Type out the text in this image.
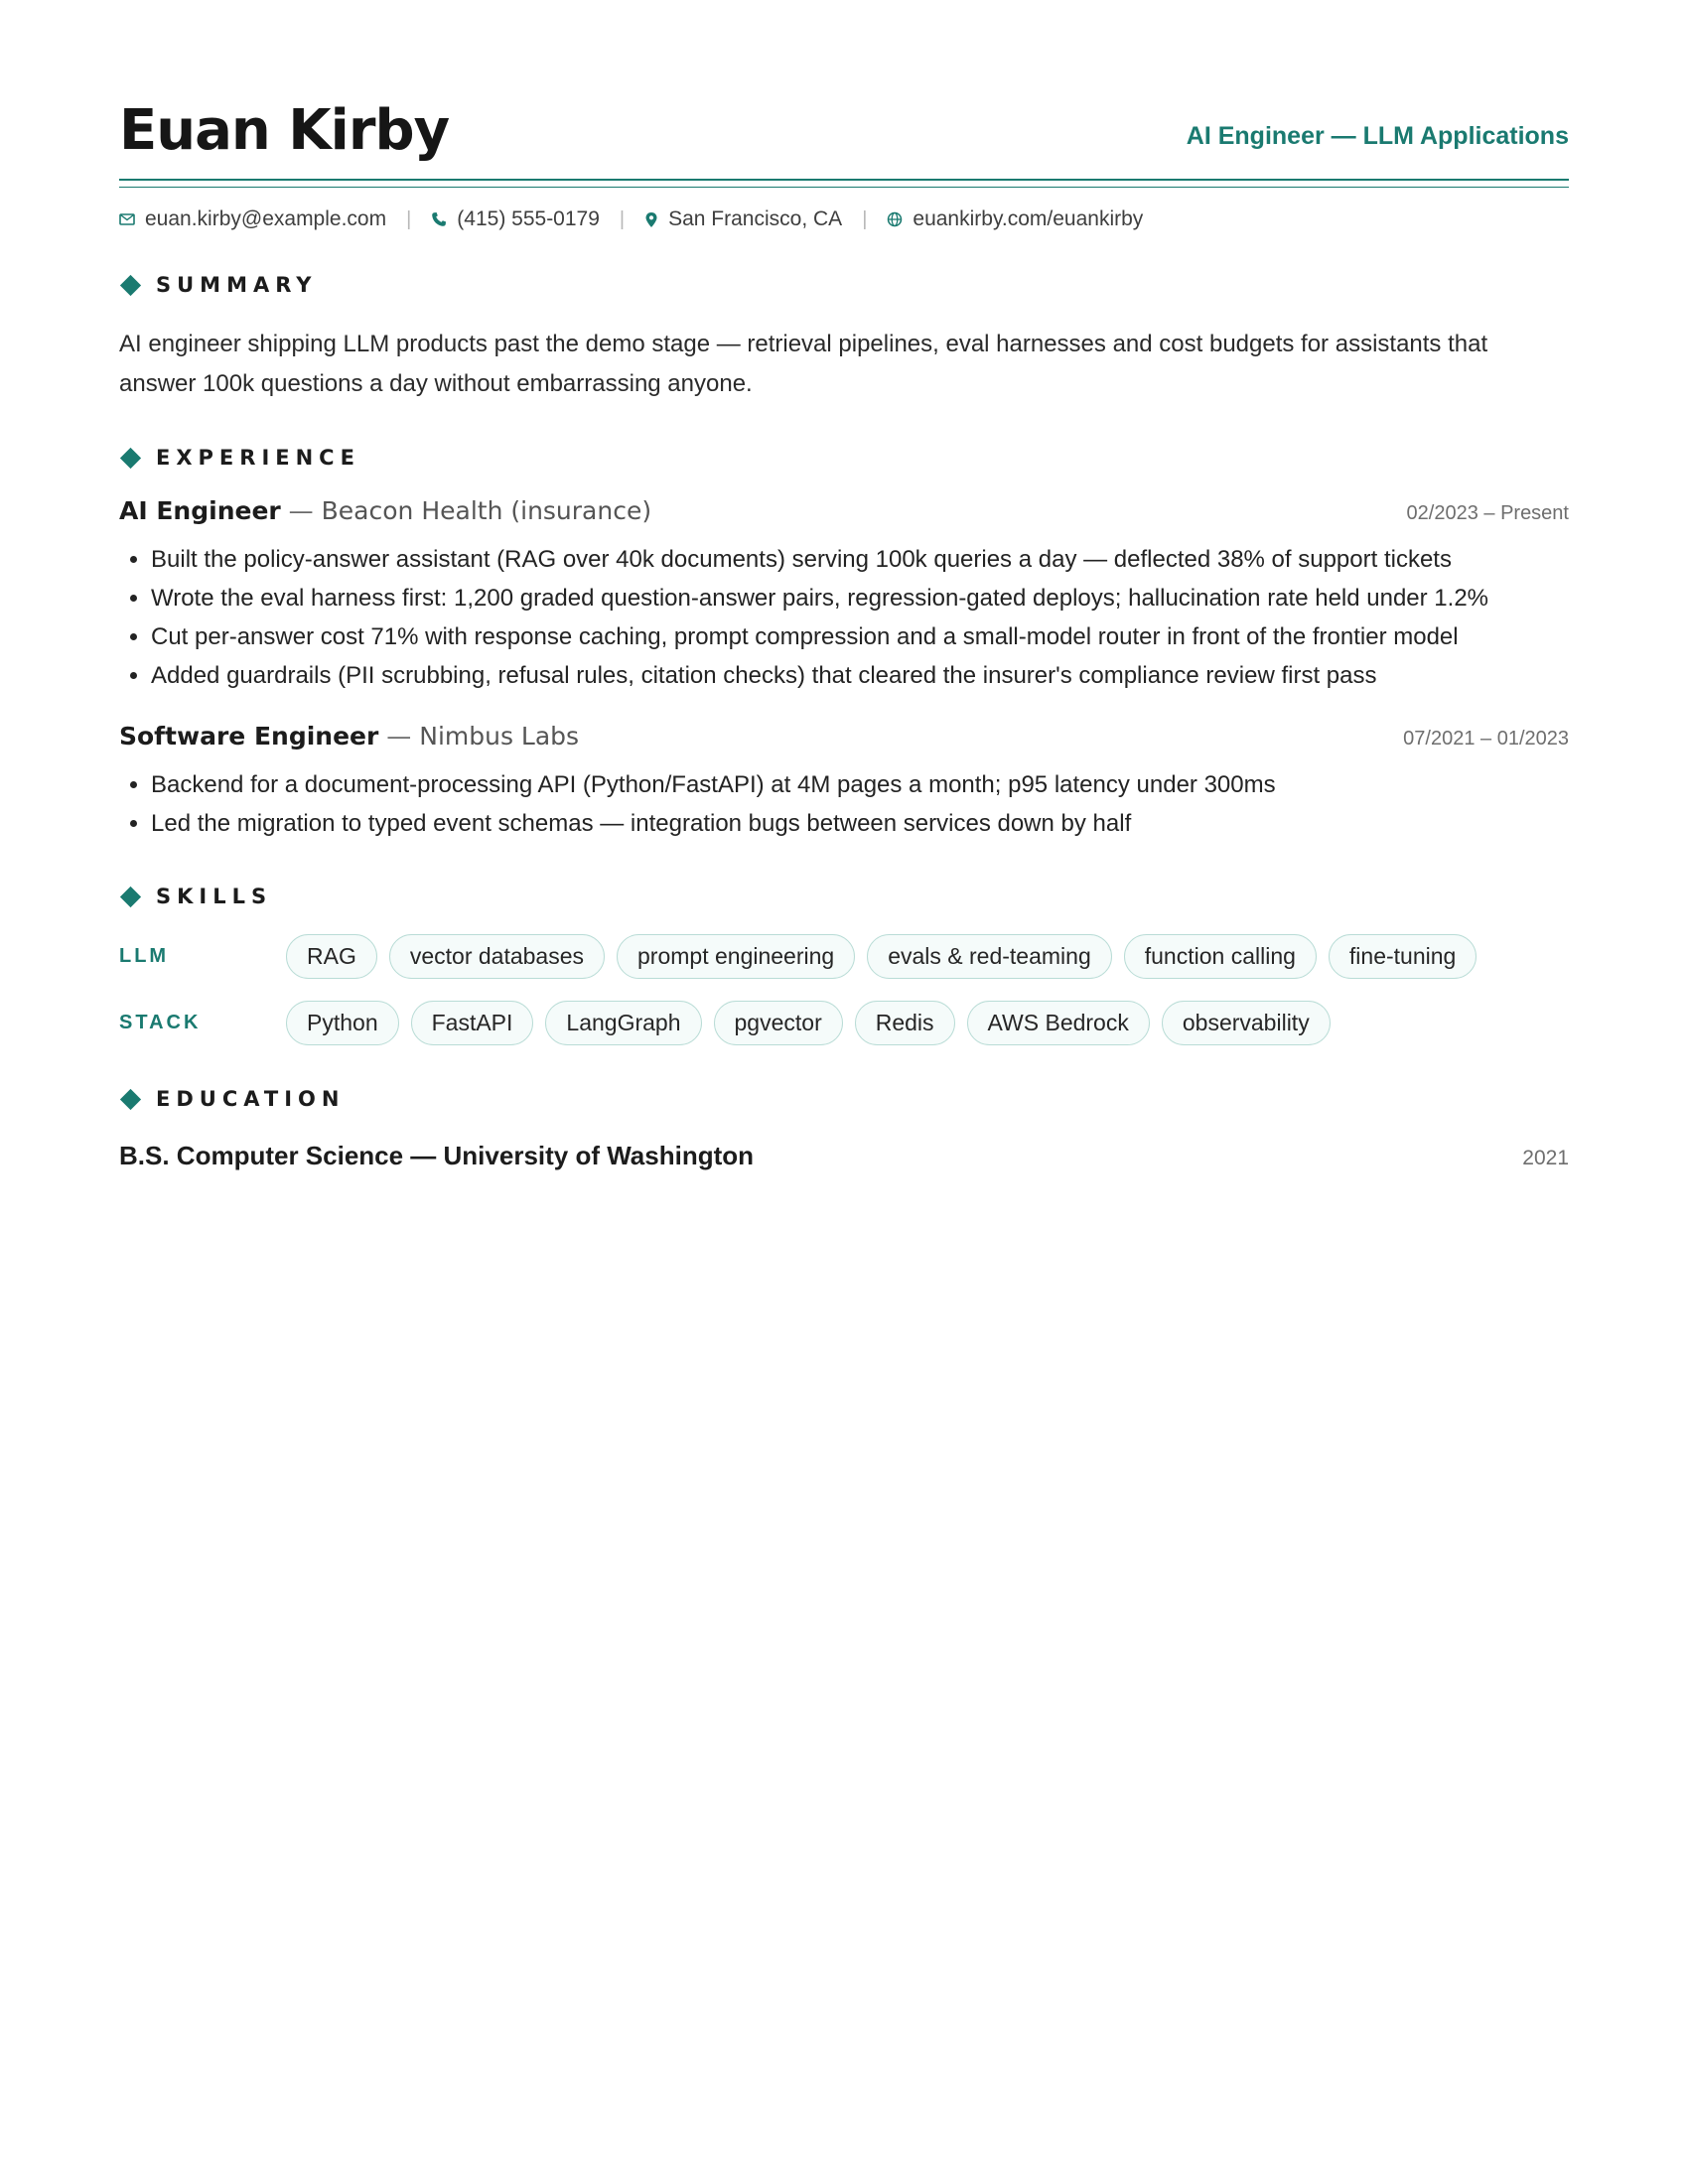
Euan Kirby	AI Engineer — LLM Applications
euan.kirby@example.com | (415) 555-0179 | San Francisco, CA | euankirby.com/euankirby
SUMMARY

AI engineer shipping LLM products past the demo stage — retrieval pipelines, eval harnesses and cost budgets for assistants that answer 100k questions a day without embarrassing anyone.

EXPERIENCE
AI Engineer — Beacon Health (insurance)	02/2023 – Present
• Built the policy-answer assistant (RAG over 40k documents) serving 100k queries a day — deflected 38% of support tickets
• Wrote the eval harness first: 1,200 graded question-answer pairs, regression-gated deploys; hallucination rate held under 1.2%
• Cut per-answer cost 71% with response caching, prompt compression and a small-model router in front of the frontier model
• Added guardrails (PII scrubbing, refusal rules, citation checks) that cleared the insurer's compliance review first pass
Software Engineer — Nimbus Labs	07/2021 – 01/2023
• Backend for a document-processing API (Python/FastAPI) at 4M pages a month; p95 latency under 300ms
• Led the migration to typed event schemas — integration bugs between services down by half
SKILLS
LLM	RAG	vector databases	prompt engineering	evals & red-teaming	function calling	fine-tuning
STACK	Python	FastAPI	LangGraph	pgvector	Redis	AWS Bedrock	observability
EDUCATION
B.S. Computer Science — University of Washington	2021
